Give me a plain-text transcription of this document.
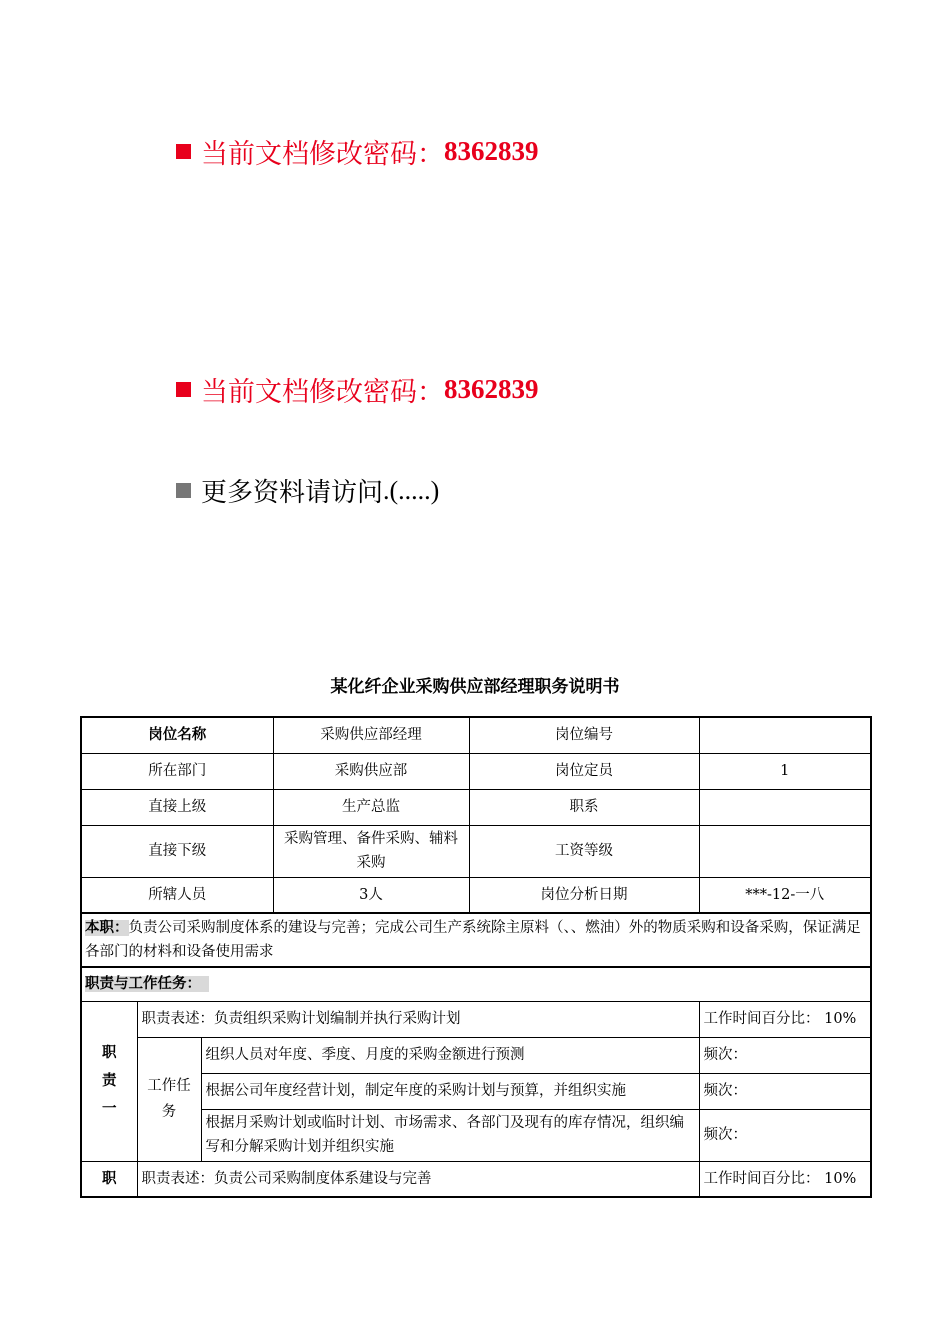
当前文档修改密码： 8362839
当前文档修改密码： 8362839
更多资料请访问 .(.....)
某化纤企业采购供应部经理职务说明书
岗位名称			采购供应部经理	岗位编号	
所在部门			采购供应部	岗位定员	1
直接上级			生产总监	职系	
直接下级			采购管理、备件采购、辅料采购	工资等级	
所辖人员			3人	岗位分析日期	***-12-一八
本职：负责公司采购制度体系的建设与完善；完成公司生产系统除主原料（、、燃油）外的物质采购和设备采购，保证满足各部门的材料和设备使用需求					
职责与工作任务：					
职
责
一	职责表述：负责组织采购计划编制并执行采购计划				工作时间百分比： 10%
	工作任务	组织人员对年度、季度、月度的采购金额进行预测			频次：
		根据公司年度经营计划，制定年度的采购计划与预算，并组织实施			频次：
		根据月采购计划或临时计划、市场需求、各部门及现有的库存情况，组织编写和分解采购计划并组织实施			频次：
职	职责表述：负责公司采购制度体系建设与完善				工作时间百分比： 10%
